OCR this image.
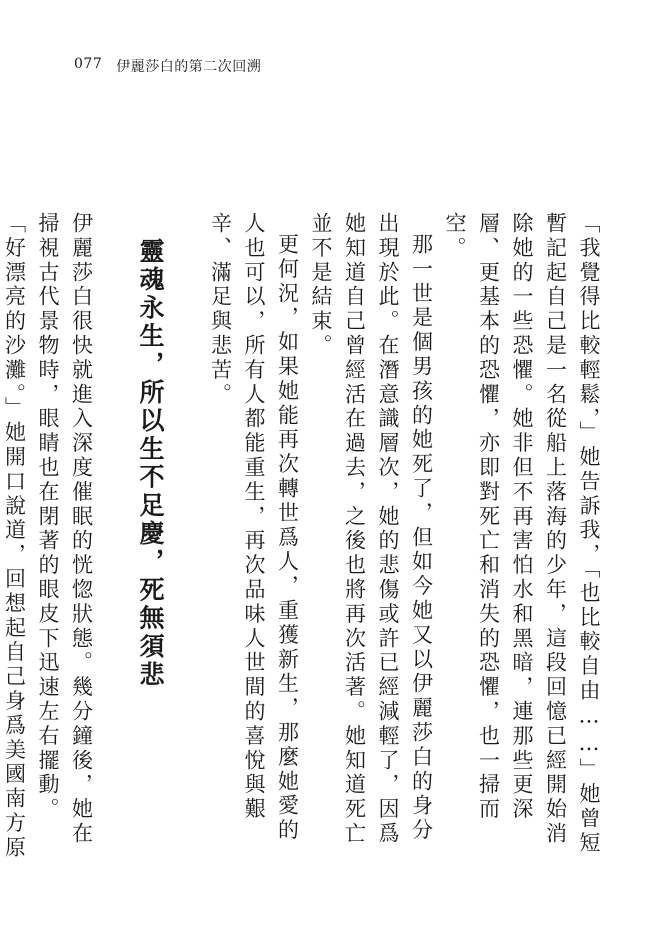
077 伊麗莎白的第二次回溯

「我覺得比較輕鬆，」她告訴我，「也比較自由……」她曾短暫記起自己是一名從船上落海的少年，這段回憶已經開始消除她的一些恐懼。她非但不再害怕水和黑暗，連那些更深層、更基本的恐懼，亦即對死亡和消失的恐懼，也一掃而空。

那一世是個男孩的她死了，但如今她又以伊麗莎白的身分出現於此。在潛意識層次，她的悲傷或許已經減輕了，因爲她知道自己曾經活在過去，之後也將再次活著。她知道死亡並不是結束。

更何況，如果她能再次轉世爲人，重獲新生，那麼她愛的人也可以，所有人都能重生，再次品味人世間的喜悅與艱辛、滿足與悲苦。

靈魂永生，所以生不足慶，死無須悲

伊麗莎白很快就進入深度催眠的恍惚狀態。幾分鐘後，她在掃視古代景物時，眼睛也在閉著的眼皮下迅速左右擺動。

「好漂亮的沙灘。」她開口說道，回想起自己身爲美國南方原
